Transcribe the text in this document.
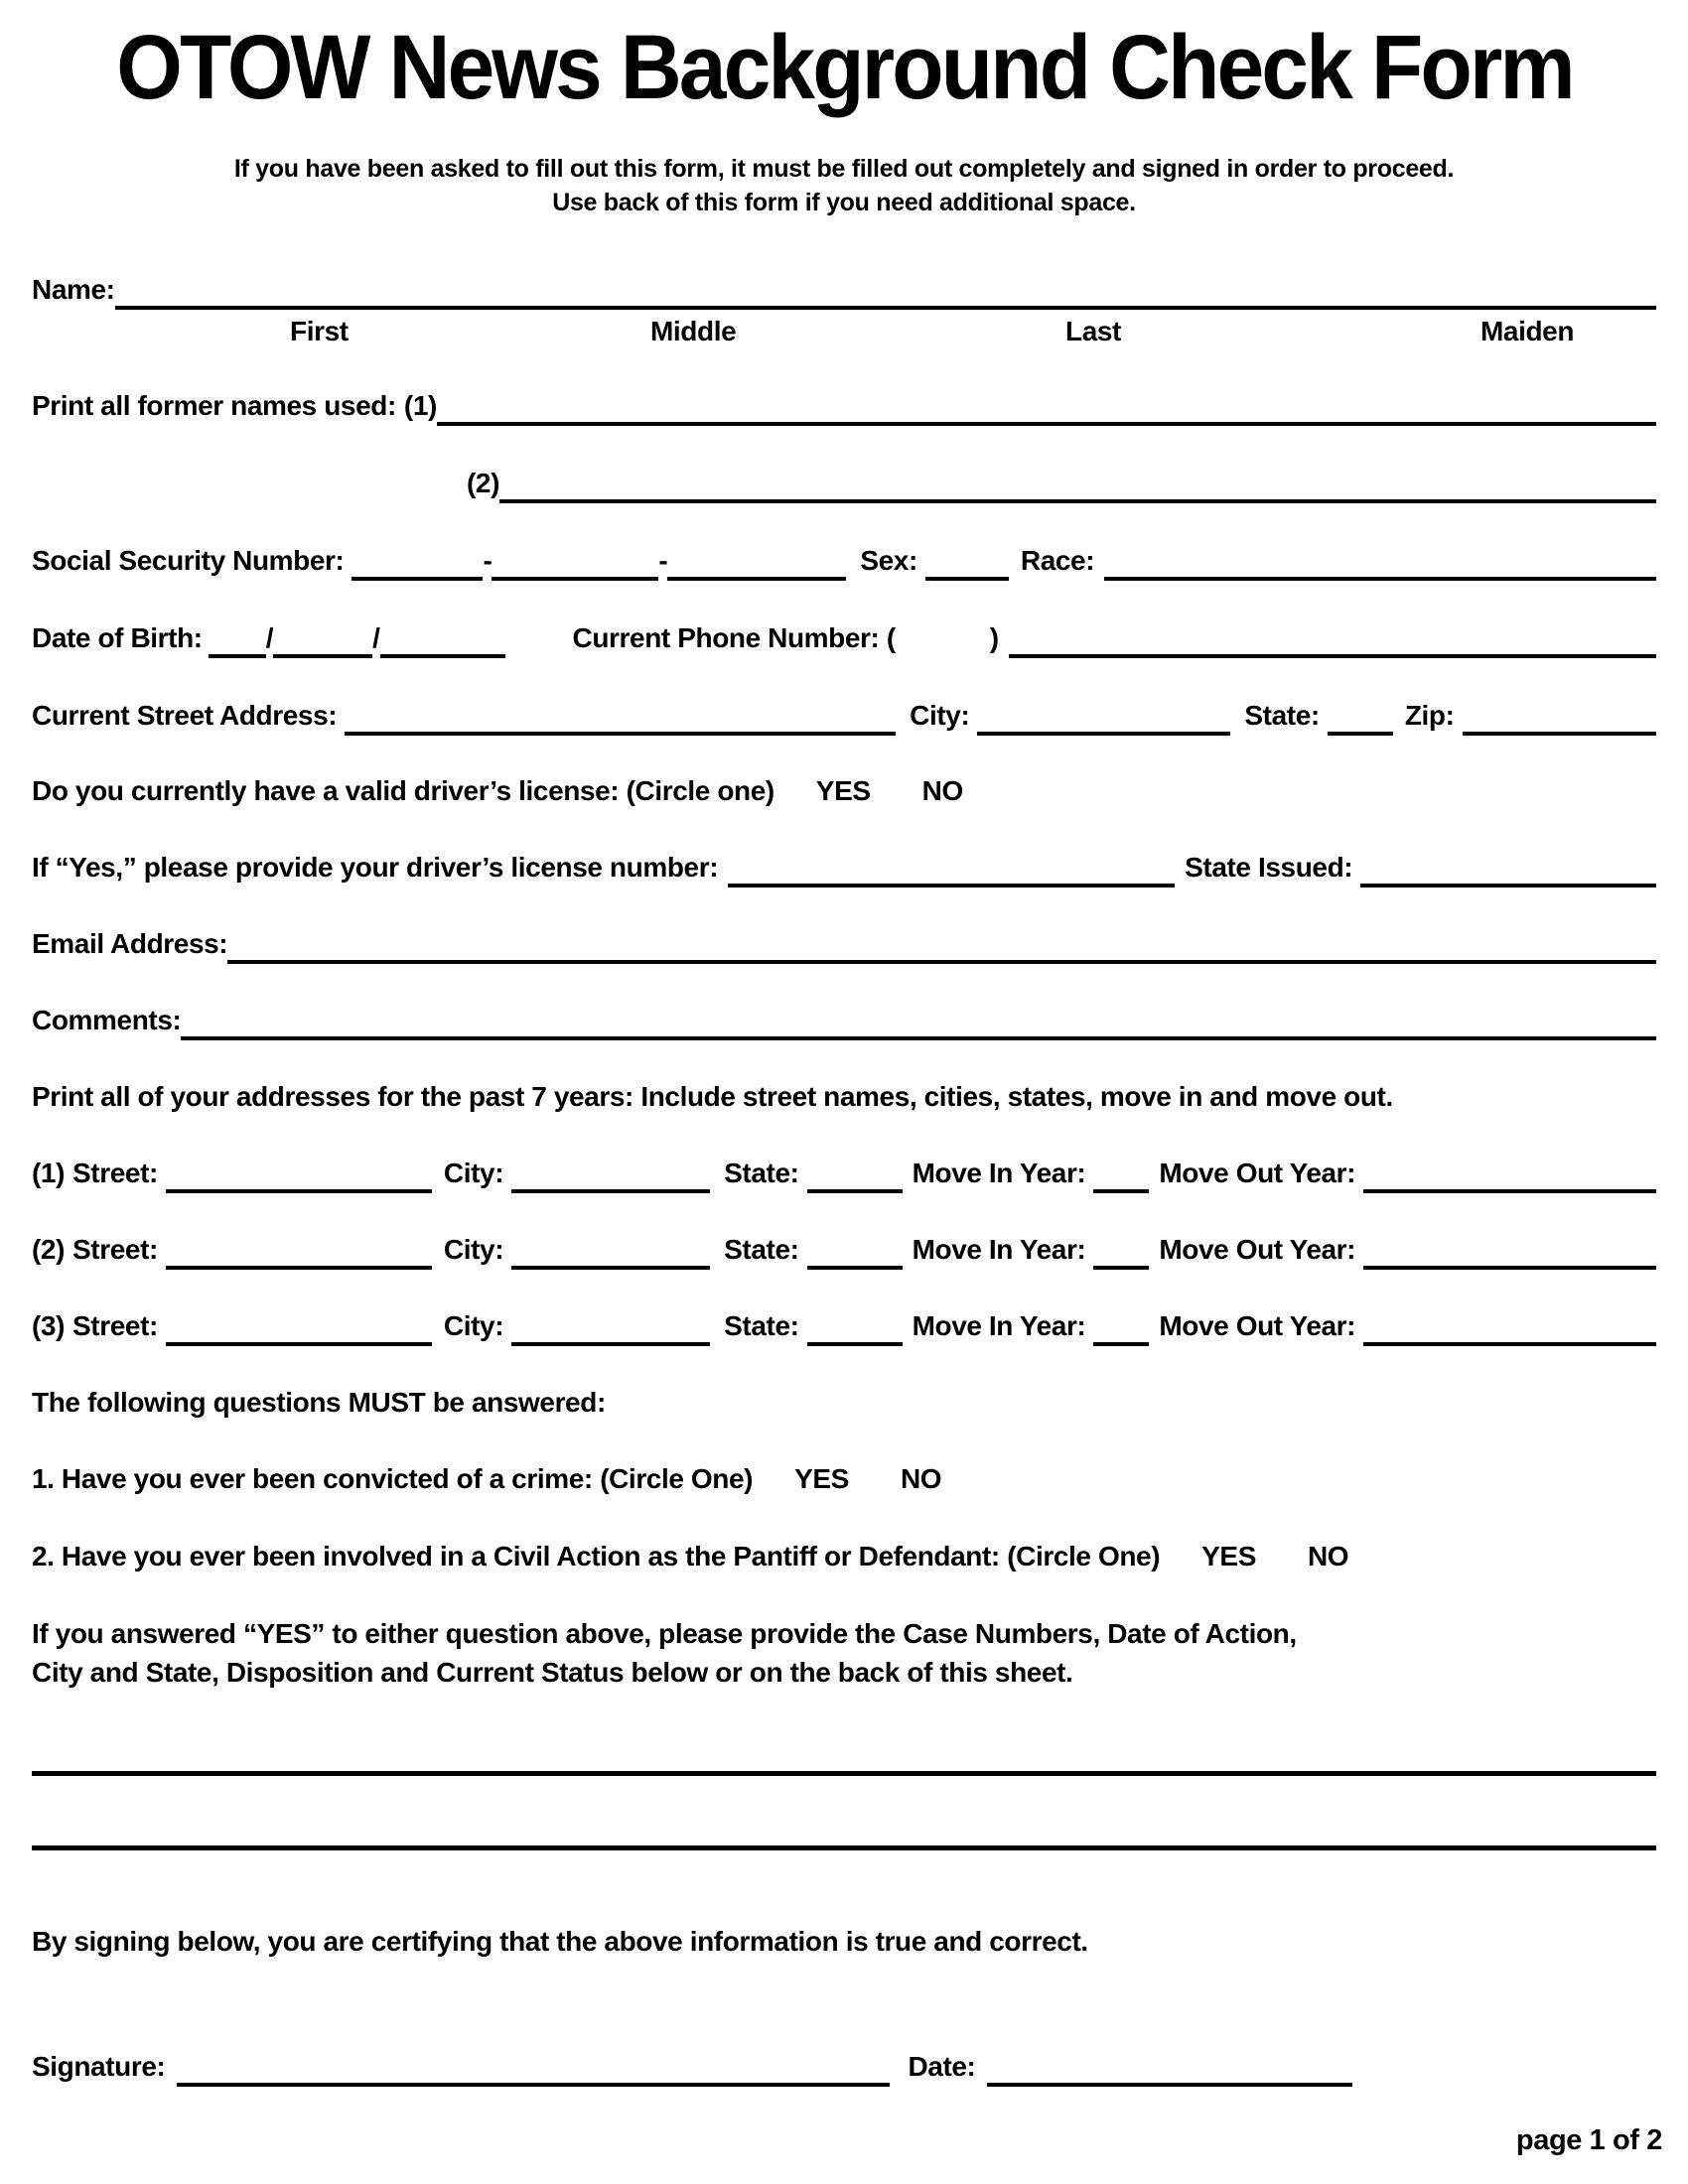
OTOW News Background Check Form
If you have been asked to fill out this form, it must be filled out completely and signed in order to proceed.
Use back of this form if you need additional space.
Name:
​
First	Middle	Last	Maiden
Print all former names used: (1)
​
(2)
​
Social Security Number: ​	- ​	- ​	Sex: ​	Race:
​
Date of Birth: ​ / ​	/ ​	Current Phone Number: (	)
​
Current Street Address: ​	City: ​	State: ​	Zip:
​
Do you currently have a valid driver’s license: (Circle one) YES NO
If “Yes,” please provide your driver’s license number: ​	State Issued:
​
Email Address:
​
Comments:
​
Print all of your addresses for the past 7 years: Include street names, cities, states, move in and move out.
(1) Street: ​	City: ​	State: ​	Move In Year: ​	Move Out Year:
​
(2) Street: ​	City: ​	State: ​	Move In Year: ​	Move Out Year:
​
(3) Street: ​	City: ​	State: ​	Move In Year: ​	Move Out Year:
​
The following questions MUST be answered:
1. Have you ever been convicted of a crime: (Circle One) YES NO
2. Have you ever been involved in a Civil Action as the Pantiff or Defendant: (Circle One) YES NO
If you answered “YES” to either question above, please provide the Case Numbers, Date of Action,
City and State, Disposition and Current Status below or on the back of this sheet.
By signing below, you are certifying that the above information is true and correct.
Signature: ​	Date:
​
page 1 of 2
